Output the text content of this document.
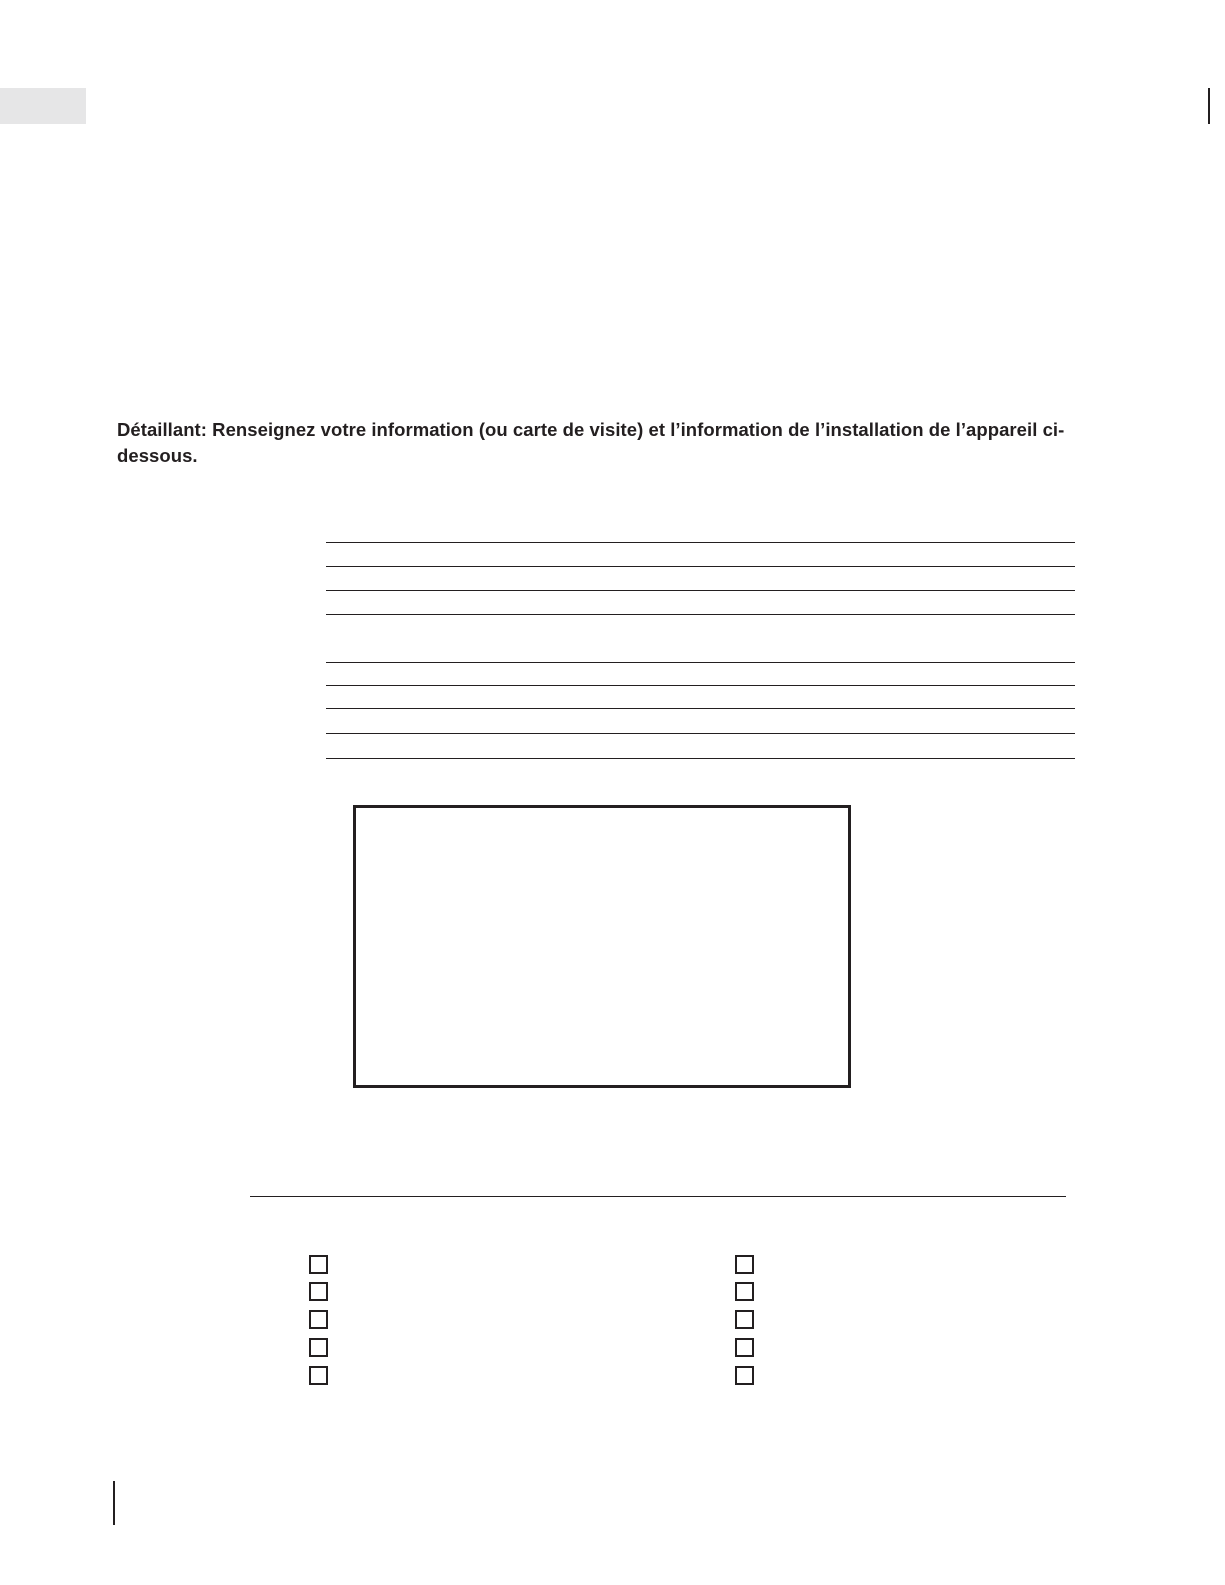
Détaillant: Renseignez votre information (ou carte de visite) et l’information de l’installation de l’appareil ci-dessous.
